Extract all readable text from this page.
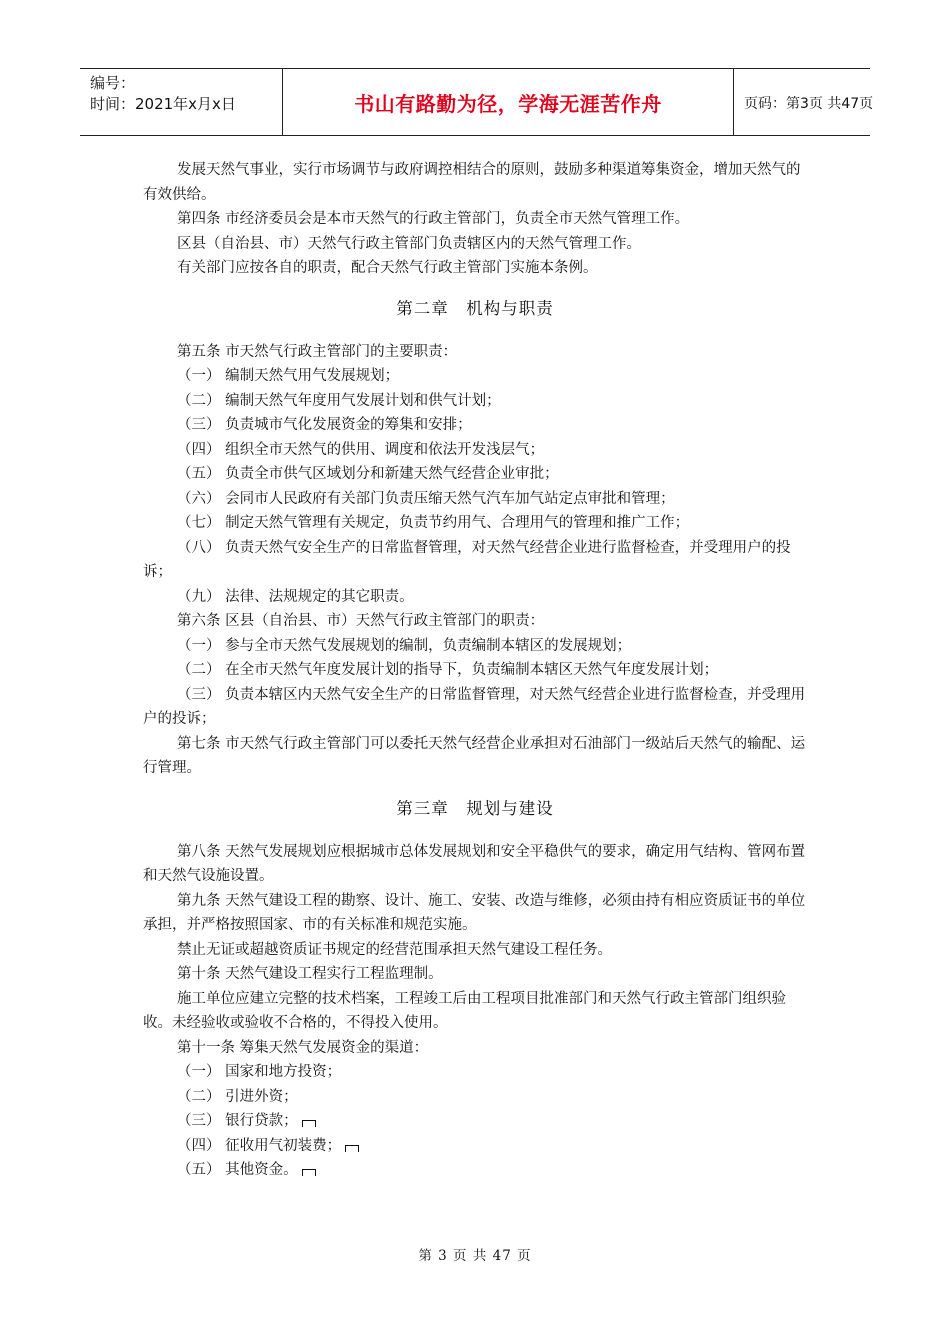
编号：
时间：2021年x月x日	书山有路勤为径，学海无涯苦作舟	页码：第3页 共47页
发展天然气事业，实行市场调节与政府调控相结合的原则，鼓励多种渠道筹集资金，增加天然气的有效供给。
第四条 市经济委员会是本市天然气的行政主管部门，负责全市天然气管理工作。
区县（自治县、市）天然气行政主管部门负责辖区内的天然气管理工作。
有关部门应按各自的职责，配合天然气行政主管部门实施本条例。
第二章　机构与职责
第五条 市天然气行政主管部门的主要职责：
（一） 编制天然气用气发展规划；
（二） 编制天然气年度用气发展计划和供气计划；
（三） 负责城市气化发展资金的筹集和安排；
（四） 组织全市天然气的供用、调度和依法开发浅层气；
（五） 负责全市供气区域划分和新建天然气经营企业审批；
（六） 会同市人民政府有关部门负责压缩天然气汽车加气站定点审批和管理；
（七） 制定天然气管理有关规定，负责节约用气、合理用气的管理和推广工作；
（八） 负责天然气安全生产的日常监督管理，对天然气经营企业进行监督检查，并受理用户的投诉；
（九） 法律、法规规定的其它职责。
第六条 区县（自治县、市）天然气行政主管部门的职责：
（一） 参与全市天然气发展规划的编制，负责编制本辖区的发展规划；
（二） 在全市天然气年度发展计划的指导下，负责编制本辖区天然气年度发展计划；
（三） 负责本辖区内天然气安全生产的日常监督管理，对天然气经营企业进行监督检查，并受理用户的投诉；
第七条 市天然气行政主管部门可以委托天然气经营企业承担对石油部门一级站后天然气的输配、运行管理。
第三章　规划与建设
第八条 天然气发展规划应根据城市总体发展规划和安全平稳供气的要求，确定用气结构、管网布置和天然气设施设置。
第九条 天然气建设工程的勘察、设计、施工、安装、改造与维修，必须由持有相应资质证书的单位承担，并严格按照国家、市的有关标准和规范实施。
禁止无证或超越资质证书规定的经营范围承担天然气建设工程任务。
第十条 天然气建设工程实行工程监理制。
施工单位应建立完整的技术档案，工程竣工后由工程项目批准部门和天然气行政主管部门组织验收。未经验收或验收不合格的，不得投入使用。
第十一条 筹集天然气发展资金的渠道：
（一） 国家和地方投资；
（二） 引进外资；
（三） 银行贷款；
（四） 征收用气初装费；
（五） 其他资金。
第 3 页 共 47 页
